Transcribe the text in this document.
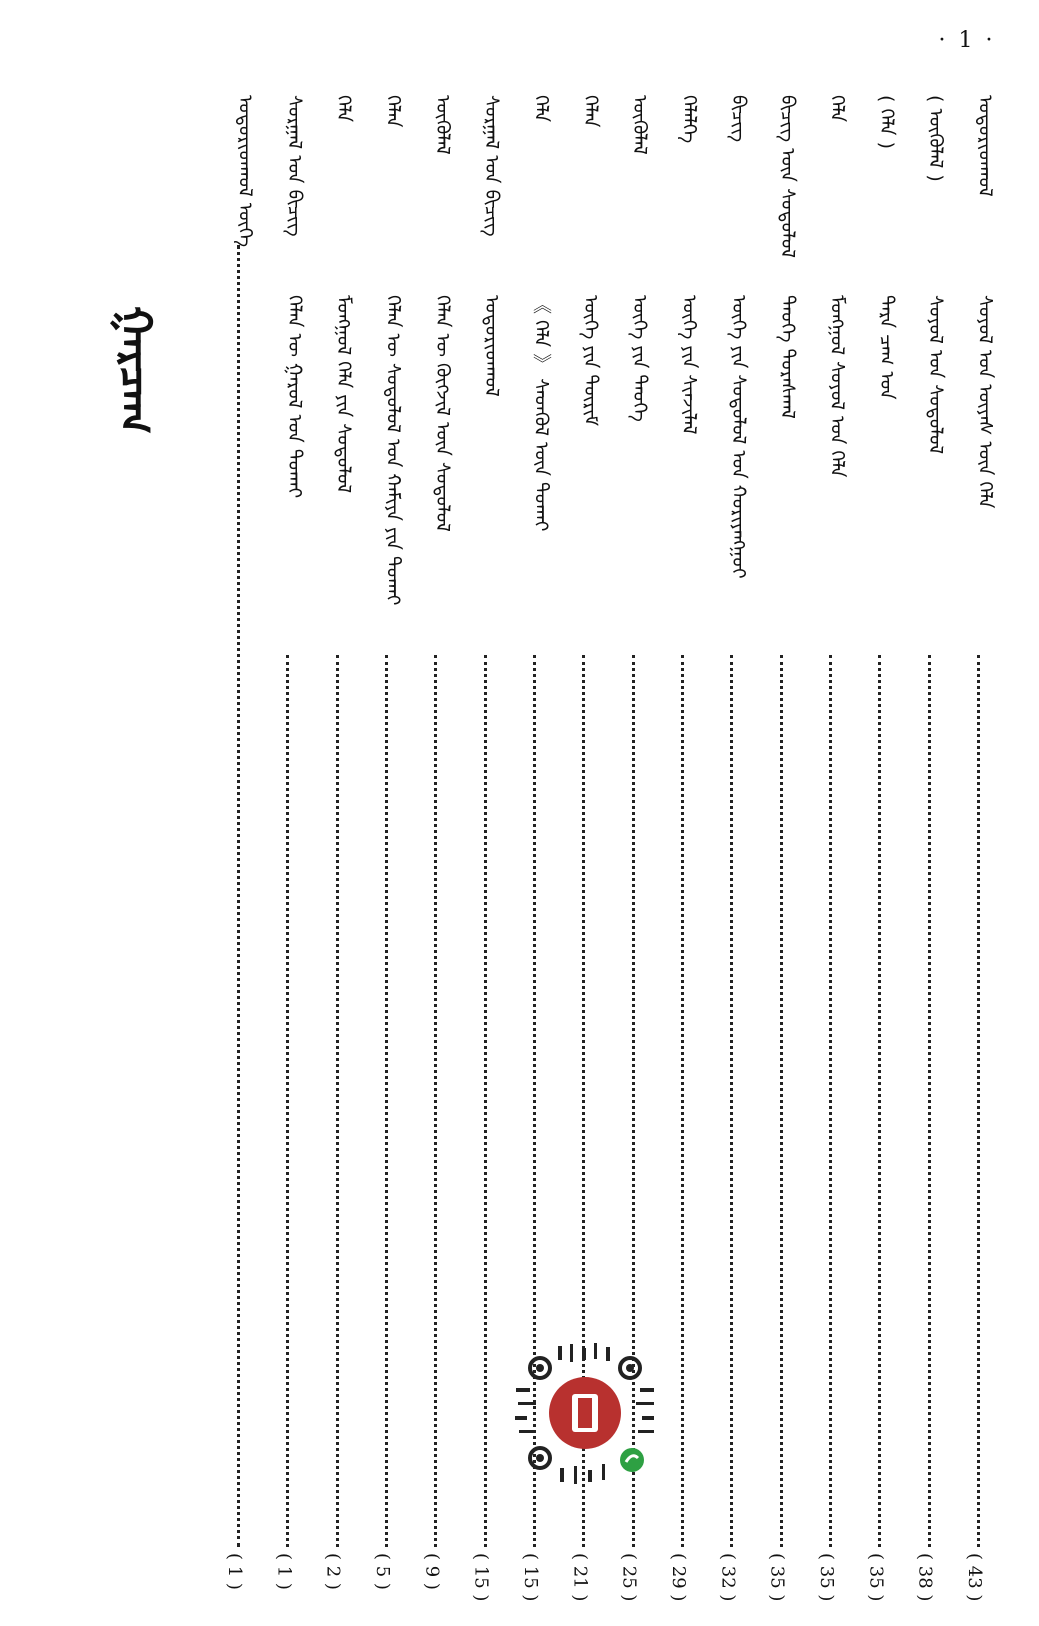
· 1 ·
ᠭᠠᠷᠴᠠᠭ
ᠤᠳᠤᠷᠢᠳᠬᠤᠯ
ᠰᠤᠶᠤᠯ ᠤᠨ ᠦᠶᠡᠰ ᠦᠨ ᠬᠡᠯᠡ
( 43 )
( ᠦᠭᠦᠯᠡᠯ )
ᠰᠤᠶᠤᠯ ᠤᠨ ᠰᠤᠳᠤᠯᠤᠯ
( 38 )
( ᠬᠡᠯᠡ )
ᠲᠡᠷᠡ ᠴᠠᠭ ᠤᠨ
( 35 )
ᠬᠡᠯᠡ
ᠮᠣᠩᠭᠣᠯ ᠰᠤᠶᠤᠯ ᠤᠨ ᠬᠡᠯᠡ
( 35 )
ᠪᠢᠴᠢᠭ ᠦᠨ ᠰᠤᠳᠤᠯᠤᠯ
ᠲᠡᠦᠬᠡ ᠳᠤᠷᠠᠰᠬᠠᠯ
( 35 )
ᠪᠢᠴᠢᠭ
ᠦᠭᠡ ᠶᠢᠨ ᠰᠤᠳᠤᠯᠤᠯ ᠤᠨ ᠬᠤᠷᠢᠶᠠᠩᠭᠤᠢ
( 32 )
ᠬᠡᠯᠡᠯᠭᠡ
ᠦᠭᠡ ᠶᠢᠨ ᠰᠢᠨᠵᠢᠯᠡᠯ
( 29 )
ᠦᠭᠦᠯᠡᠯ
ᠦᠭᠡ ᠶᠢᠨ ᠲᠡᠦᠬᠡ
( 25 )
ᠬᠡᠯᠡᠨ
ᠦᠭᠡ ᠶᠢᠨ ᠳᠦᠷᠢᠮ
( 21 )
ᠬᠡᠯᠡ
《 ᠬᠡᠯᠡ 》 ᠰᠡᠳᠭᠦᠯ ᠦᠨ ᠲᠤᠬᠠᠢ
( 15 )
ᠰᠤᠷᠭᠠᠯ ᠤᠨ ᠪᠢᠴᠢᠭ
ᠤᠳᠤᠷᠢᠳᠬᠤᠯ
( 15 )
ᠦᠭᠦᠯᠡᠯ
ᠬᠡᠯᠡᠨ ᠦ ᠬᠥᠭᠵᠢᠯ ᠦᠨ ᠰᠤᠳᠤᠯᠤᠯ
( 9 )
ᠬᠡᠯᠡᠨ
ᠬᠡᠯᠡᠨ ᠦ ᠰᠤᠳᠤᠯᠤᠯ ᠤᠨ ᠬᠠᠮᠢᠶᠠ ᠶᠢᠨ ᠲᠤᠬᠠᠢ
( 5 )
ᠬᠡᠯᠡ
ᠮᠣᠩᠭᠣᠯ ᠬᠡᠯᠡ ᠶᠢᠨ ᠰᠤᠳᠤᠯᠤᠯ
( 2 )
ᠰᠤᠷᠭᠠᠯ ᠤᠨ ᠪᠢᠴᠢᠭ
ᠬᠡᠯᠡᠨ ᠦ ᠭᠠᠷᠤᠯ ᠤᠨ ᠲᠤᠬᠠᠢ
( 1 )
ᠤᠳᠤᠷᠢᠳᠬᠤᠯ ᠦᠭᠡ
( 1 )
